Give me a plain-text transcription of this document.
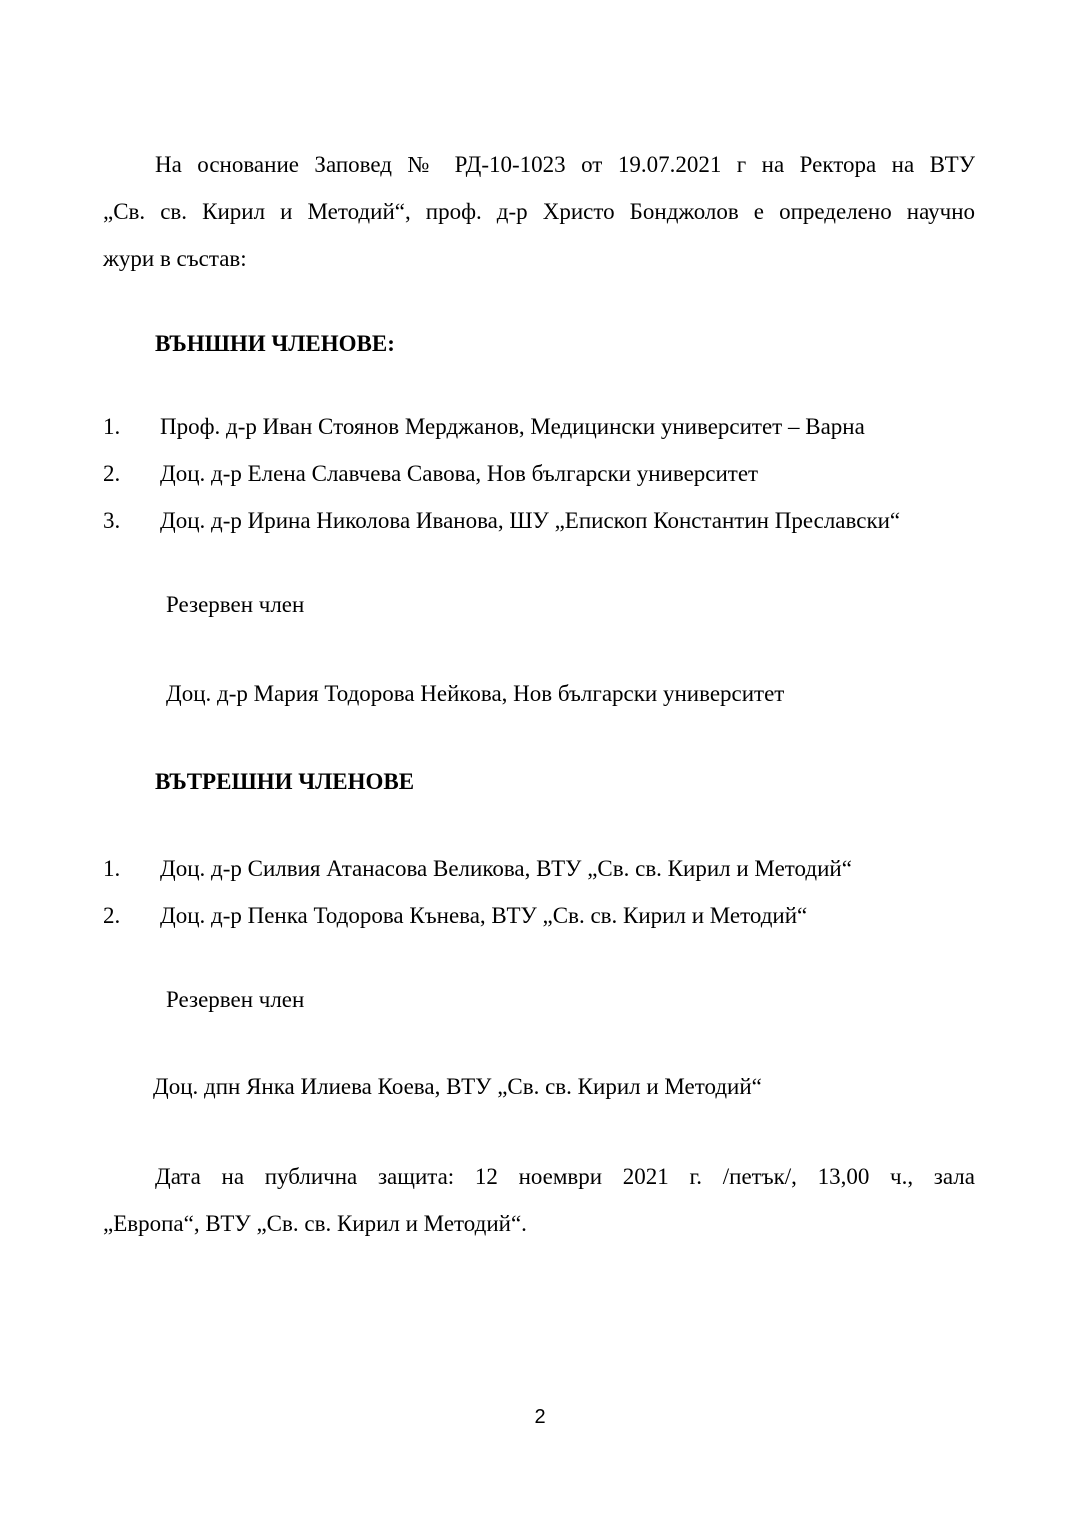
На основание Заповед № РД-10-1023 от 19.07.2021 г на Ректора на ВТУ
„Св. св. Кирил и Методий“, проф. д-р Христо Бонджолов е определено научно
жури в състав:
ВЪНШНИ ЧЛЕНОВЕ:
1.	Проф. д-р Иван Стоянов Мерджанов, Медицински университет – Варна
2.	Доц. д-р Елена Славчева Савова, Нов български университет
3.	Доц. д-р Ирина Николова Иванова, ШУ „Епископ Константин Преславски“
Резервен член
Доц. д-р Мария Тодорова Нейкова, Нов български университет
ВЪТРЕШНИ ЧЛЕНОВЕ
1.	Доц. д-р Силвия Атанасова Великова, ВТУ „Св. св. Кирил и Методий“
2.	Доц. д-р Пенка Тодорова Кънева, ВТУ „Св. св. Кирил и Методий“
Резервен член
Доц. дпн Янка Илиева Коева, ВТУ „Св. св. Кирил и Методий“
Дата на публична защита: 12 ноември 2021 г. /петък/, 13,00 ч., зала
„Европа“, ВТУ „Св. св. Кирил и Методий“.
2
